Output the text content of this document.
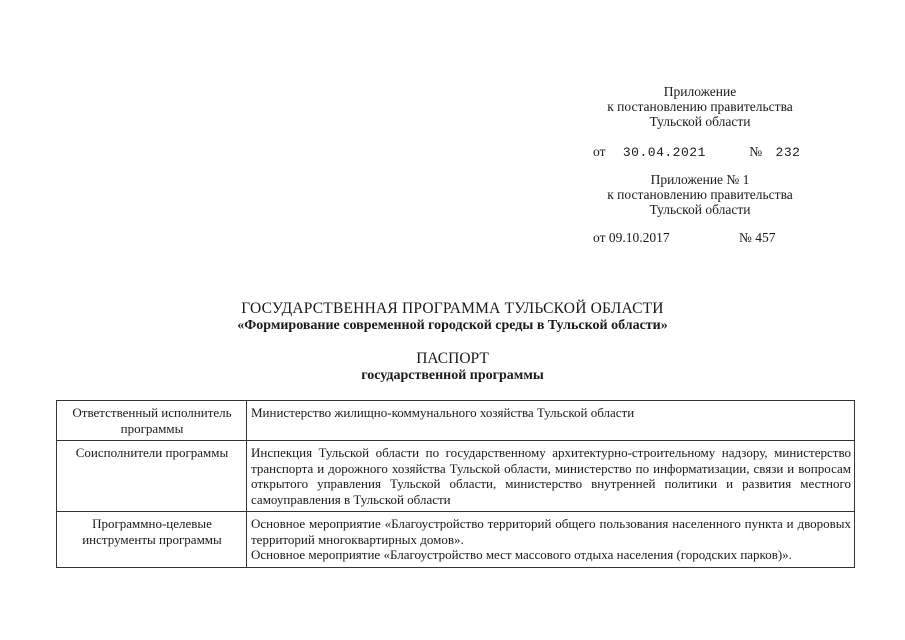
Приложение
к постановлению правительства
Тульской области
от 30.04.2021	№ 232
Приложение № 1
к постановлению правительства
Тульской области
от 09.10.2017	№ 457
ГОСУДАРСТВЕННАЯ ПРОГРАММА ТУЛЬСКОЙ ОБЛАСТИ
«Формирование современной городской среды в Тульской области»
ПАСПОРТ
государственной программы
Ответственный исполнитель программы	Министерство жилищно-коммунального хозяйства Тульской области
Соисполнители программы	Инспекция Тульской области по государственному архитектурно-строительному надзору, министерство транспорта и дорожного хозяйства Тульской области, министерство по информатизации, связи и вопросам открытого управления Тульской области, министерство внутренней политики и развития местного самоуправления в Тульской области
Программно-целевые инструменты программы	Основное мероприятие «Благоустройство территорий общего пользования населенного пункта и дворовых территорий многоквартирных домов».
Основное мероприятие «Благоустройство мест массового отдыха населения (городских парков)».
